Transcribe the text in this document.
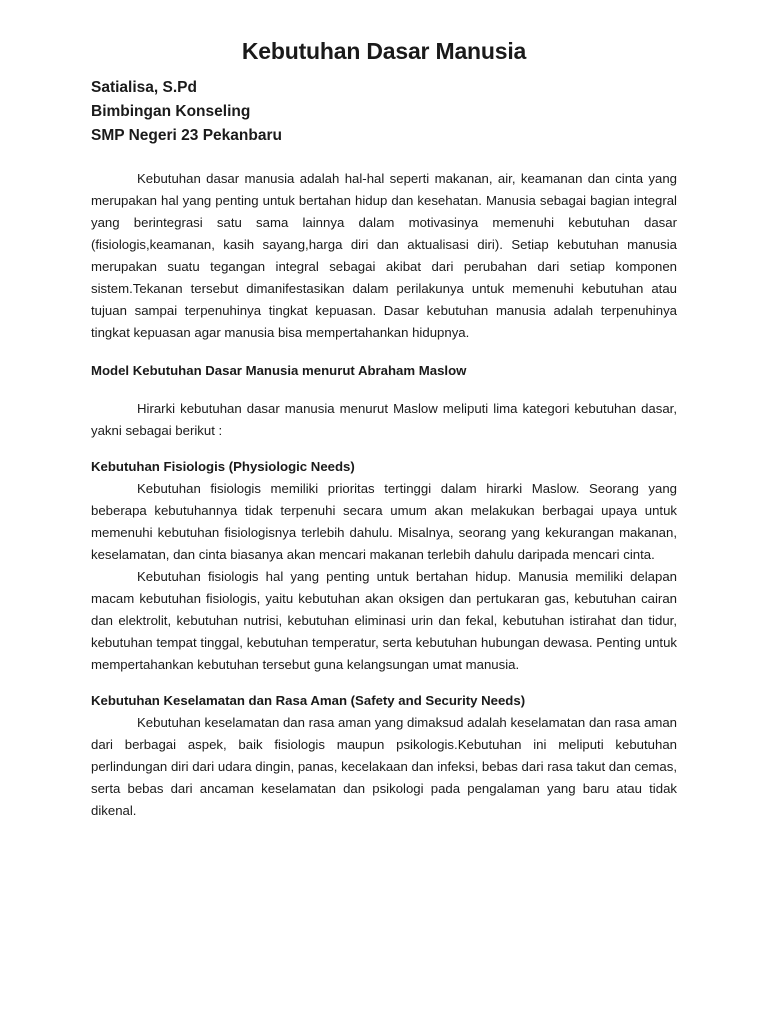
Kebutuhan Dasar Manusia
Satialisa, S.Pd
Bimbingan Konseling
SMP Negeri 23 Pekanbaru

Kebutuhan dasar manusia adalah hal-hal seperti makanan, air, keamanan dan cinta yang merupakan hal yang penting untuk bertahan hidup dan kesehatan. Manusia sebagai bagian integral yang berintegrasi satu sama lainnya dalam motivasinya memenuhi kebutuhan dasar (fisiologis,keamanan, kasih sayang,harga diri dan aktualisasi diri). Setiap kebutuhan manusia merupakan suatu tegangan integral sebagai akibat dari perubahan dari setiap komponen sistem.Tekanan tersebut dimanifestasikan dalam perilakunya untuk memenuhi kebutuhan atau tujuan sampai terpenuhinya tingkat kepuasan. Dasar kebutuhan manusia adalah terpenuhinya tingkat kepuasan agar manusia bisa mempertahankan hidupnya.

Model Kebutuhan Dasar Manusia menurut Abraham Maslow

Hirarki kebutuhan dasar manusia menurut Maslow meliputi lima kategori kebutuhan dasar, yakni sebagai berikut :

Kebutuhan Fisiologis (Physiologic Needs)

Kebutuhan fisiologis memiliki prioritas tertinggi dalam hirarki Maslow. Seorang yang beberapa kebutuhannya tidak terpenuhi secara umum akan melakukan berbagai upaya untuk memenuhi kebutuhan fisiologisnya terlebih dahulu. Misalnya, seorang yang kekurangan makanan, keselamatan, dan cinta biasanya akan mencari makanan terlebih dahulu daripada mencari cinta.

Kebutuhan fisiologis hal yang penting untuk bertahan hidup. Manusia memiliki delapan macam kebutuhan fisiologis, yaitu kebutuhan akan oksigen dan pertukaran gas, kebutuhan cairan dan elektrolit, kebutuhan nutrisi, kebutuhan eliminasi urin dan fekal, kebutuhan istirahat dan tidur, kebutuhan tempat tinggal, kebutuhan temperatur, serta kebutuhan hubungan dewasa. Penting untuk mempertahankan kebutuhan tersebut guna kelangsungan umat manusia.

Kebutuhan Keselamatan dan Rasa Aman (Safety and Security Needs)

Kebutuhan keselamatan dan rasa aman yang dimaksud adalah keselamatan dan rasa aman dari berbagai aspek, baik fisiologis maupun psikologis.Kebutuhan ini meliputi kebutuhan perlindungan diri dari udara dingin, panas, kecelakaan dan infeksi, bebas dari rasa takut dan cemas, serta bebas dari ancaman keselamatan dan psikologi pada pengalaman yang baru atau tidak dikenal.
